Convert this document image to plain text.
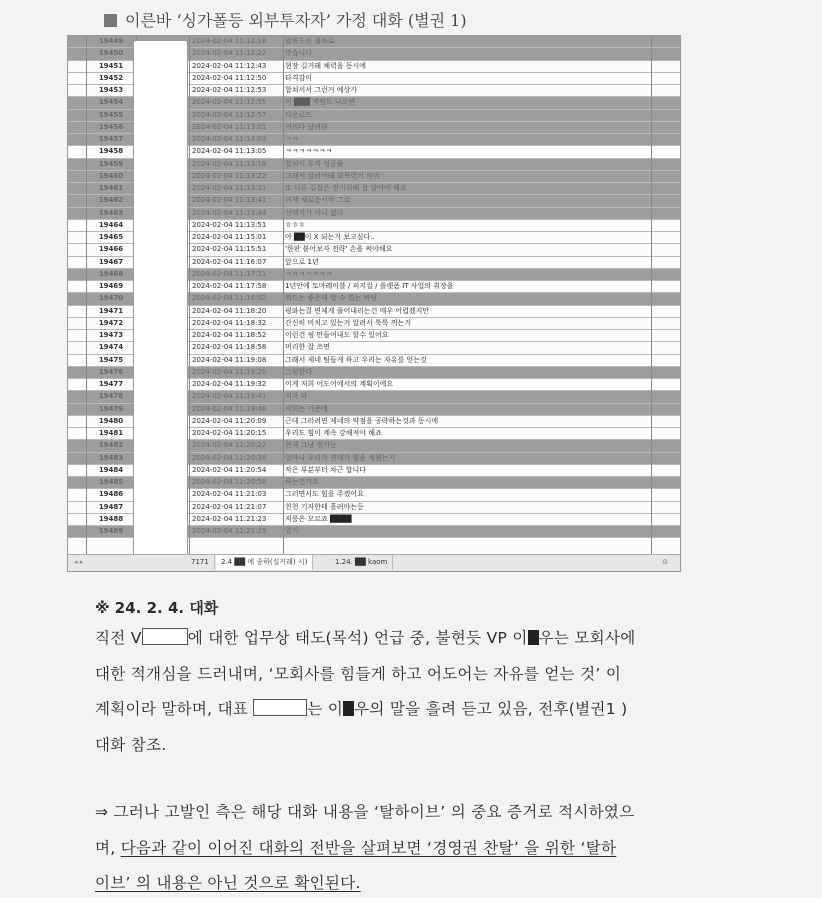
이른바 ‘싱가폴등 외부투자자’ 가정 대화 (별권 1)
19449	2024-02-04 11:12:16	말씀드린 절차로
19450	2024-02-04 11:12:22	맞습니다
19451	2024-02-04 11:12:43	현장 길거래 체력을 동시에
19452	2024-02-04 11:12:50	타격감이
19453	2024-02-04 11:12:53	합쳐서서 그런거 예상가
19454	2024-02-04 11:12:55	이 ███ 게임도 나오면
19455	2024-02-04 11:12:57	다운로드
19456	2024-02-04 11:13:01	거의다 날려라
19457	2024-02-04 11:13:03	ㅋㅋ
19458	2024-02-04 11:13:05	ㅋㅋㅋㅋㅋㅋㅋ
19459	2024-02-04 11:13:18	합쳐서 투자 성공률
19460	2024-02-04 11:13:22	그래서 살려야돼 회복력이 의미
19461	2024-02-04 11:13:31	또 다른 길잡은 얻기위해 잘 알아야 해요
19462	2024-02-04 11:13:41	이제 새로운시작 그로
19463	2024-02-04 11:13:44	선택지가 아니 없다
19464	2024-02-04 11:13:51	ㅎㅎㅎ
19465	2024-02-04 11:15:01	아 ██이 X 되는거 보고싶다..
19466	2024-02-04 11:15:51	'한판 붙어보자 전략' 손을 써야해요
19467	2024-02-04 11:16:07	앞으로 1년
19468	2024-02-04 11:17:31	ㅋㅋㅋㅋㅋㅋㅋ
19469	2024-02-04 11:17:58	1년안에 토마레이블 / 피지컬 / 플랫폼 IT 사업의 취장을
19470	2024-02-04 11:18:02	뭐드는 좋은데 할 수 있는 바탕
19471	2024-02-04 11:18:20	평와는걸 면제게 풀어내리는건 매우 어렵겠지만
19472	2024-02-04 11:18:32	간신히 비치고 있는거 알려서 툭툭 꺼는거
19473	2024-02-04 11:18:52	이런건 핑 만들어내도 할수 있어요
19474	2024-02-04 11:18:58	머리한 잘 쓰면
19475	2024-02-04 11:19:08	그래서 제네 팀들게 하고 우리는 자유를 얻는것
19476	2024-02-04 11:19:20	그렇한다
19477	2024-02-04 11:19:32	이게 저희 어도어에서의 계획이에요
19478	2024-02-04 11:19:41	저자 타
19479	2024-02-04 11:19:48	저희는 기준에
19480	2024-02-04 11:20:09	근데 그러려면 제네의 약점을 공략하는것과 동시에
19481	2024-02-04 11:20:15	우리도 힘이 계속 강해져야 해죠
19482	2024-02-04 11:20:22	현재 그냥 원가능
19483	2024-02-04 11:20:38	얼마나 우리가 연대가 힘을 세웠는지
19484	2024-02-04 11:20:54	작은 부분부터 차근 합니다
19485	2024-02-04 11:20:58	하는건가요
19486	2024-02-04 11:21:03	그러면서도 힘을 주겠어요
19487	2024-02-04 11:21:07	천천 기자한테 흘려야는등
19488	2024-02-04 11:21:23	저릉은 모르죠 ████
19489	2024-02-04 11:21:29	알기
◂ ▸	7171	2.4 ██ 에 종하(실거래) 시)	1.24. ██ kaom	⊙
※ 24. 2. 4. 대화
직전 V	에 대한 업무상 태도(목석) 언급 중, 불현듯 VP 이 우는 모회사에
대한 적개심을 드러내며, ‘모회사를 힘들게 하고 어도어는 자유를 얻는 것’ 이
계획이라 말하며, 대표	는 이 우의 말을 흘려 듣고 있음, 전후(별권1 )
대화 참조.
⇒ 그러나 고발인 측은 해당 대화 내용을 ‘탈하이브’ 의 중요 증거로 적시하였으
며, 다음과 같이 이어진 대화의 전반을 살펴보면 ‘경영권 찬탈’ 을 위한 ‘탈하
이브’ 의 내용은 아닌 것으로 확인된다.
